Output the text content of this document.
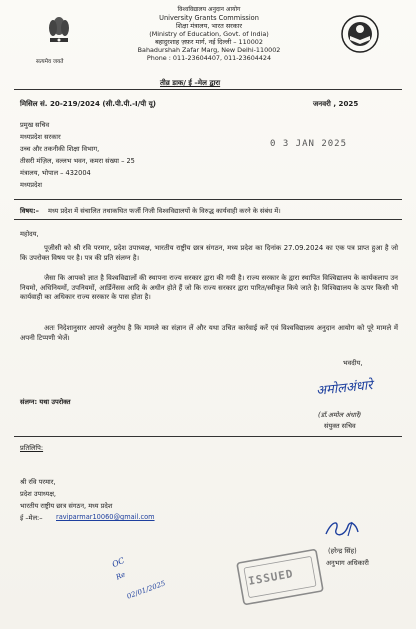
सत्यमेव जयते
विश्वविद्यालय अनुदान आयोग
University Grants Commission
शिक्षा मंत्रालय, भारत सरकार
(Ministry of Education, Govt. of India)
बहादुरशाह ज़फ़र मार्ग, नई दिल्ली – 110002
Bahadurshah Zafar Marg, New Delhi-110002
Phone : 011-23604407, 011-23604424
तीव्र डाक/ ई –मेल द्वारा
मिसिल सं. 20-219/2024 (सी.पी.पी.-I/पी यू)	जनवरी , 2025
प्रमुख सचिव
मध्यप्रदेश सरकार
उच्च और तकनीकी शिक्षा विभाग,
तीसरी मंज़िल, वल्लभ भवन, कमरा संख्या – 25
मंत्रालय, भोपाल – 432004
मध्यप्रदेश
0 3 JAN 2025
विषय:– मध्य प्रदेश में संचालित तथाकथित फर्जी निजी विश्वविद्यालयों के विरुद्ध कार्यवाही करने के संबंध में।
महोदय,
पूजीसी को श्री रवि परमार, प्रदेश उपाध्यक्ष, भारतीय राष्ट्रीय छात्र संगठन, मध्य प्रदेश का दिनांक 27.09.2024 का एक पत्र प्राप्त हुआ है जो कि उपरोक्त विषय पर है। पत्र की प्रति संलग्न है।
जैसा कि आपको ज्ञात है विश्वविद्यालों की स्थापना राज्य सरकार द्वारा की गयी है। राज्य सरकार के द्वारा स्थापित विश्विद्यालय के कार्यकलाप उन नियमो, अधिनियमों, उपनियमों, आर्डिनेंसस आदि के अधीन होते हैं जो कि राज्य सरकार द्वारा पारित/स्वीकृत किये जाते है। विश्विद्यालय के ऊपर किसी भी कार्यवाही का अधिकार राज्य सरकार के पास होता है।
अतः निदेशानुसार आपसे अनुरोध है कि मामले का संज्ञान लें और यथा उचित कार्रवाई करें एवं विश्वविद्यालय अनुदान आयोग को पूरे मामले में अपनी टिप्पणी भेजें।
भवदीय,
अमोलअंधारे
संलग्न: यथा उपरोक्त
(डॉ.अमोल अंधारे)
संयुक्त सचिव
प्रतिलिपि:
श्री रवि परमार,
प्रदेश उपाध्यक्ष,
भारतीय राष्ट्रीय छात्र संगठन, मध्य प्रदेश
ई –मेल:– raviparmar10060@gmail.com
(हरेन्द्र सिंह)
अनुभाग अधिकारी
ISSUED
OC
Re
02/01/2025
